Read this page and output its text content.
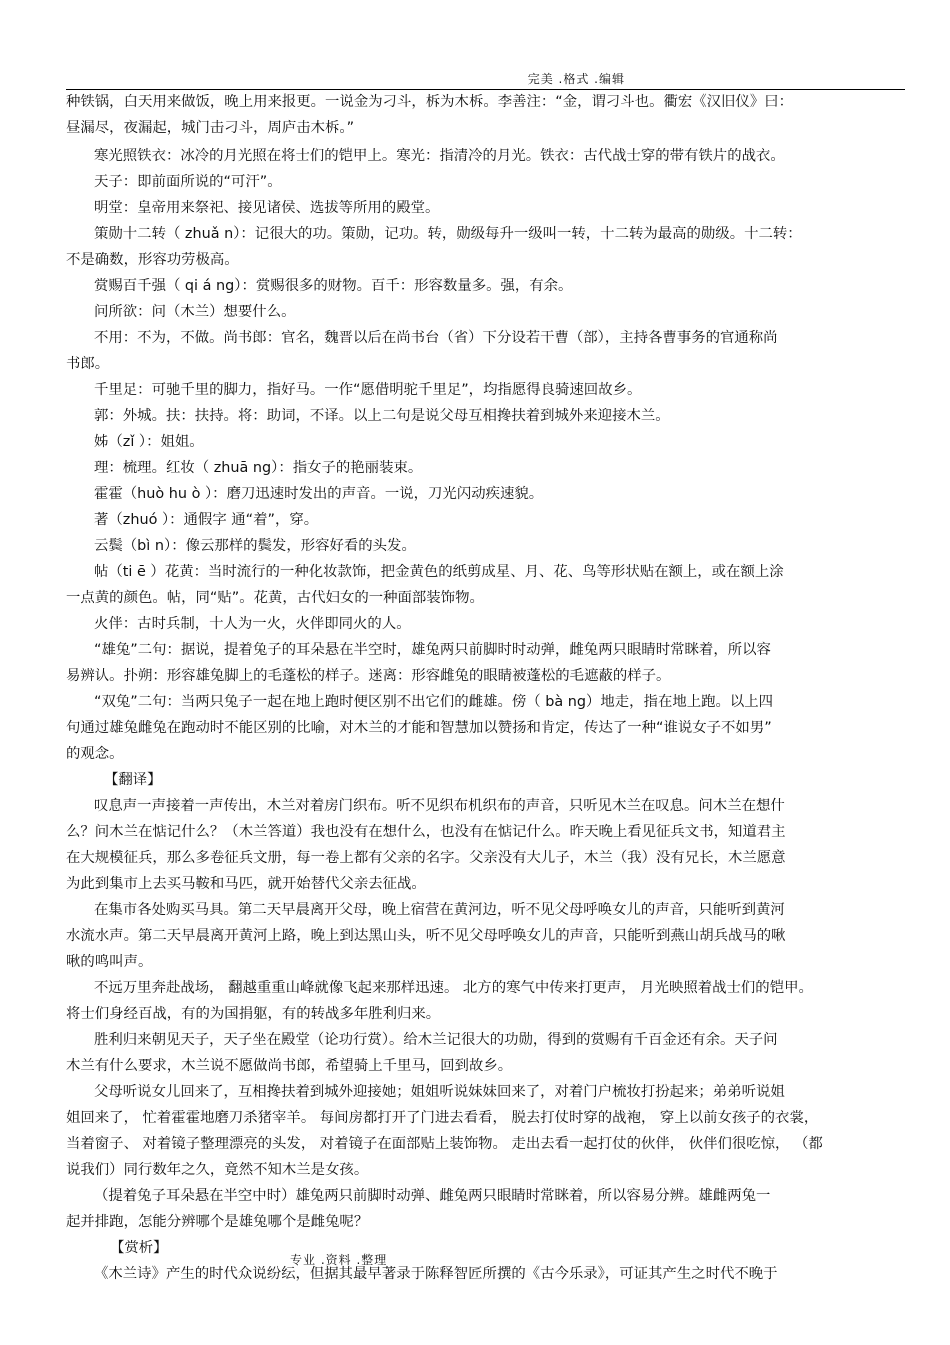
完美 .格式 .编辑
种铁锅，白天用来做饭，晚上用来报更。一说金为刁斗，柝为木柝。李善注：“金，谓刁斗也。衢宏《汉旧仪》曰：
昼漏尽，夜漏起，城门击刁斗，周庐击木柝。”
寒光照铁衣：冰冷的月光照在将士们的铠甲上。寒光：指清冷的月光。铁衣：古代战士穿的带有铁片的战衣。
天子：即前面所说的“可汗”。
明堂：皇帝用来祭祀、接见诸侯、选拔等所用的殿堂。
策勋十二转（ zhuǎ n）：记很大的功。策勋，记功。转，勋级每升一级叫一转，十二转为最高的勋级。十二转：
不是确数，形容功劳极高。
赏赐百千强（ qi á ng）：赏赐很多的财物。百千：形容数量多。强，有余。
问所欲：问（木兰）想要什么。
不用：不为，不做。尚书郎：官名，魏晋以后在尚书台（省）下分设若干曹（部），主持各曹事务的官通称尚
书郎。
千里足：可驰千里的脚力，指好马。一作“愿借明驼千里足”，均指愿得良骑速回故乡。
郭：外城。扶：扶持。将：助词，不译。以上二句是说父母互相搀扶着到城外来迎接木兰。
姊（zǐ ）：姐姐。
理：梳理。红妆（ zhuā ng）：指女子的艳丽装束。
霍霍（huò hu ò ）：磨刀迅速时发出的声音。一说，刀光闪动疾速貌。
著（zhuó ）：通假字 通“着”，穿。
云鬓（bì n）：像云那样的鬓发，形容好看的头发。
帖（ti ē ）花黄：当时流行的一种化妆款饰，把金黄色的纸剪成星、月、花、鸟等形状贴在额上，或在额上涂
一点黄的颜色。帖，同“贴”。花黄，古代妇女的一种面部装饰物。
火伴：古时兵制，十人为一火，火伴即同火的人。
“雄兔”二句：据说，提着兔子的耳朵悬在半空时，雄兔两只前脚时时动弹，雌兔两只眼睛时常眯着，所以容
易辨认。扑朔：形容雄兔脚上的毛蓬松的样子。迷离：形容雌兔的眼睛被蓬松的毛遮蔽的样子。
“双兔”二句：当两只兔子一起在地上跑时便区别不出它们的雌雄。傍（ bà ng）地走，指在地上跑。以上四
句通过雄兔雌兔在跑动时不能区别的比喻，对木兰的才能和智慧加以赞扬和肯定，传达了一种“谁说女子不如男”
的观念。
【翻译】
叹息声一声接着一声传出，木兰对着房门织布。听不见织布机织布的声音，只听见木兰在叹息。问木兰在想什
么？问木兰在惦记什么？（木兰答道）我也没有在想什么，也没有在惦记什么。昨天晚上看见征兵文书，知道君主
在大规模征兵，那么多卷征兵文册，每一卷上都有父亲的名字。父亲没有大儿子，木兰（我）没有兄长，木兰愿意
为此到集市上去买马鞍和马匹，就开始替代父亲去征战。
在集市各处购买马具。第二天早晨离开父母，晚上宿营在黄河边，听不见父母呼唤女儿的声音，只能听到黄河
水流水声。第二天早晨离开黄河上路，晚上到达黑山头，听不见父母呼唤女儿的声音，只能听到燕山胡兵战马的啾
啾的鸣叫声。
不远万里奔赴战场， 翻越重重山峰就像飞起来那样迅速。 北方的寒气中传来打更声， 月光映照着战士们的铠甲。
将士们身经百战，有的为国捐躯，有的转战多年胜利归来。
胜利归来朝见天子，天子坐在殿堂（论功行赏）。给木兰记很大的功勋，得到的赏赐有千百金还有余。天子问
木兰有什么要求，木兰说不愿做尚书郎，希望骑上千里马，回到故乡。
父母听说女儿回来了，互相搀扶着到城外迎接她；姐姐听说妹妹回来了，对着门户梳妆打扮起来；弟弟听说姐
姐回来了， 忙着霍霍地磨刀杀猪宰羊。 每间房都打开了门进去看看， 脱去打仗时穿的战袍， 穿上以前女孩子的衣裳，
当着窗子、 对着镜子整理漂亮的头发， 对着镜子在面部贴上装饰物。 走出去看一起打仗的伙伴， 伙伴们很吃惊， （都
说我们）同行数年之久，竟然不知木兰是女孩。
（提着兔子耳朵悬在半空中时）雄兔两只前脚时动弹、雌兔两只眼睛时常眯着，所以容易分辨。雄雌两兔一
起并排跑，怎能分辨哪个是雄兔哪个是雌兔呢？
【赏析】
《木兰诗》产生的时代众说纷纭，但据其最早著录于陈释智匠所撰的《古今乐录》，可证其产生之时代不晚于
专业 .资料 .整理
